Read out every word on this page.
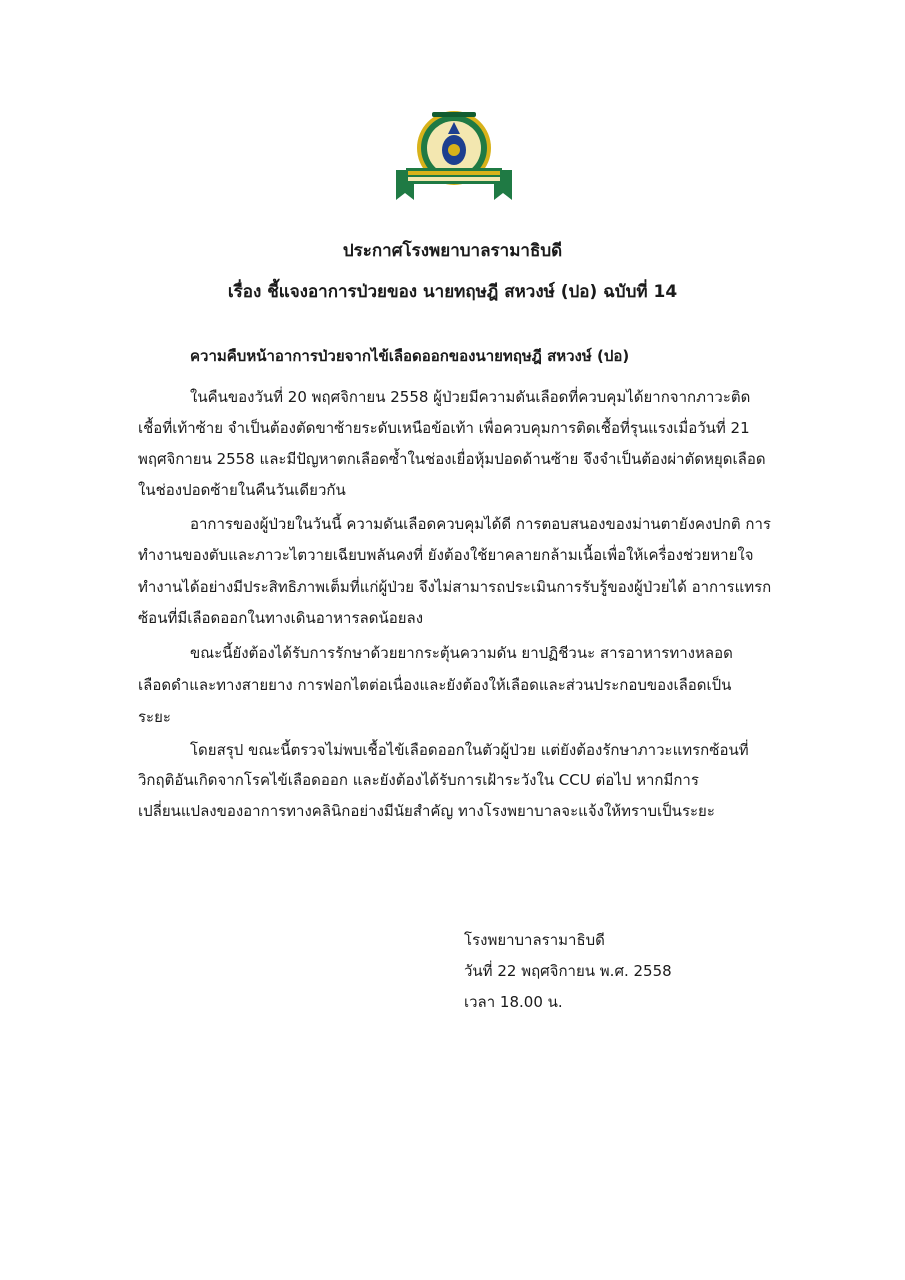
ประกาศโรงพยาบาลรามาธิบดี
เรื่อง ชี้แจงอาการป่วยของ นายทฤษฎี สหวงษ์ (ปอ) ฉบับที่ 14
ความคืบหน้าอาการป่วยจากไข้เลือดออกของนายทฤษฎี สหวงษ์ (ปอ)
ในคืนของวันที่ 20 พฤศจิกายน 2558 ผู้ป่วยมีความดันเลือดที่ควบคุมได้ยากจากภาวะติด
เชื้อที่เท้าซ้าย จำเป็นต้องตัดขาซ้ายระดับเหนือข้อเท้า เพื่อควบคุมการติดเชื้อที่รุนแรงเมื่อวันที่ 21
พฤศจิกายน 2558 และมีปัญหาตกเลือดซ้ำในช่องเยื่อหุ้มปอดด้านซ้าย จึงจำเป็นต้องผ่าตัดหยุดเลือด
ในช่องปอดซ้ายในคืนวันเดียวกัน
อาการของผู้ป่วยในวันนี้ ความดันเลือดควบคุมได้ดี การตอบสนองของม่านตายังคงปกติ การ
ทำงานของตับและภาวะไตวายเฉียบพลันคงที่ ยังต้องใช้ยาคลายกล้ามเนื้อเพื่อให้เครื่องช่วยหายใจ
ทำงานได้อย่างมีประสิทธิภาพเต็มที่แก่ผู้ป่วย จึงไม่สามารถประเมินการรับรู้ของผู้ป่วยได้ อาการแทรก
ซ้อนที่มีเลือดออกในทางเดินอาหารลดน้อยลง
ขณะนี้ยังต้องได้รับการรักษาด้วยยากระตุ้นความดัน ยาปฏิชีวนะ สารอาหารทางหลอด
เลือดดำและทางสายยาง การฟอกไตต่อเนื่องและยังต้องให้เลือดและส่วนประกอบของเลือดเป็น
ระยะ
โดยสรุป ขณะนี้ตรวจไม่พบเชื้อไข้เลือดออกในตัวผู้ป่วย แต่ยังต้องรักษาภาวะแทรกซ้อนที่
วิกฤติอันเกิดจากโรคไข้เลือดออก และยังต้องได้รับการเฝ้าระวังใน CCU ต่อไป หากมีการ
เปลี่ยนแปลงของอาการทางคลินิกอย่างมีนัยสำคัญ ทางโรงพยาบาลจะแจ้งให้ทราบเป็นระยะ
โรงพยาบาลรามาธิบดี
วันที่ 22 พฤศจิกายน พ.ศ. 2558
เวลา 18.00 น.
